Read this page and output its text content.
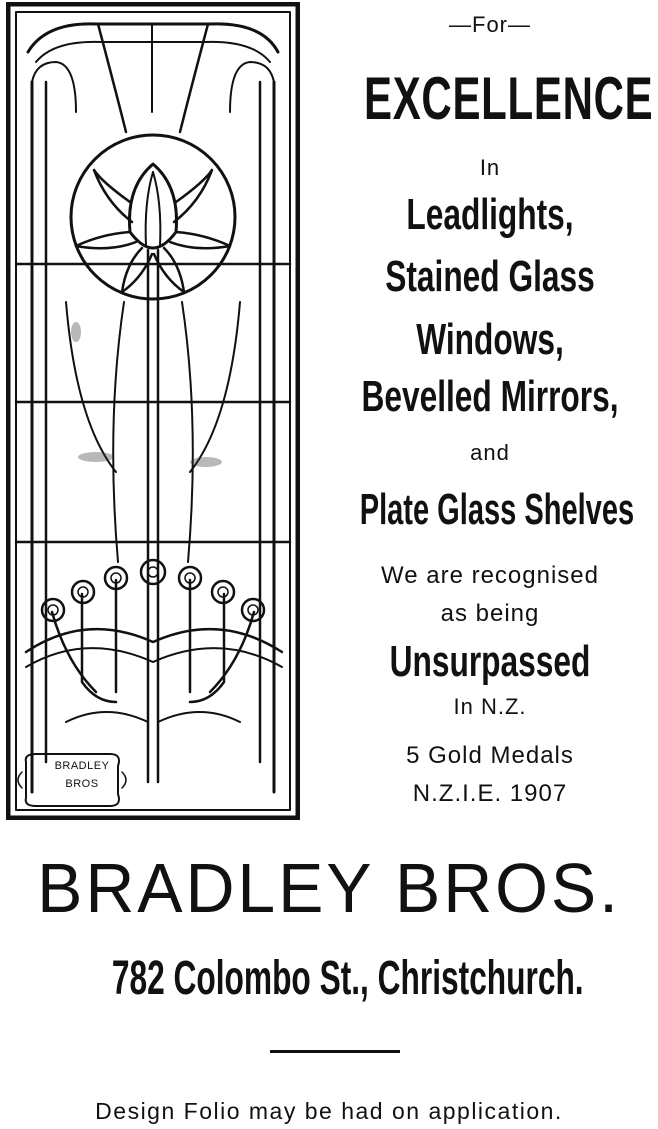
BRADLEY
BROS
—For—
EXCELLENCE
In
Leadlights,
Stained Glass
Windows,
Bevelled Mirrors,
and
Plate Glass Shelves
We are recognised
as being
Unsurpassed
In N.Z.
5 Gold Medals
N.Z.I.E. 1907
BRADLEY BROS.
782 Colombo St., Christchurch.
Design Folio may be had on application.
